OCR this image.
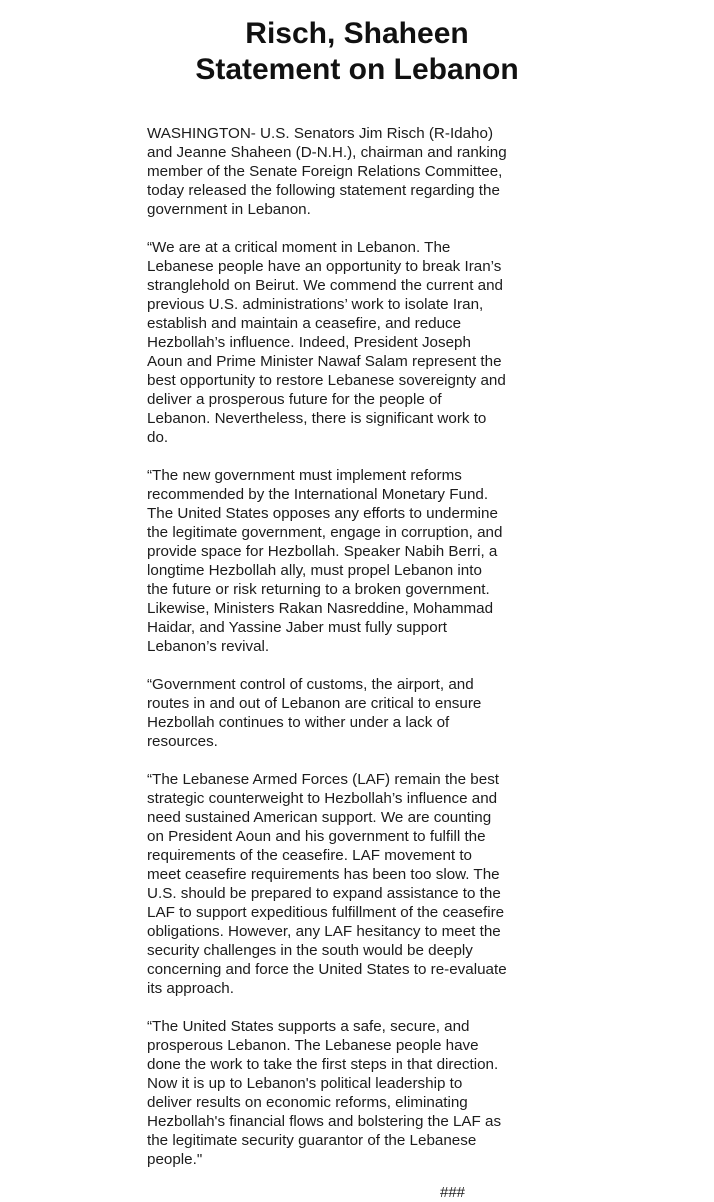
Risch, Shaheen
Statement on Lebanon

WASHINGTON- U.S. Senators Jim Risch (R-Idaho) and Jeanne Shaheen (D-N.H.), chairman and ranking member of the Senate Foreign Relations Committee, today released the following statement regarding the government in Lebanon.

“We are at a critical moment in Lebanon. The Lebanese people have an opportunity to break Iran’s stranglehold on Beirut. We commend the current and previous U.S. administrations’ work to isolate Iran, establish and maintain a ceasefire, and reduce Hezbollah’s influence. Indeed, President Joseph Aoun and Prime Minister Nawaf Salam represent the best opportunity to restore Lebanese sovereignty and deliver a prosperous future for the people of Lebanon. Nevertheless, there is significant work to do.

“The new government must implement reforms recommended by the International Monetary Fund. The United States opposes any efforts to undermine the legitimate government, engage in corruption, and provide space for Hezbollah. Speaker Nabih Berri, a longtime Hezbollah ally, must propel Lebanon into the future or risk returning to a broken government. Likewise, Ministers Rakan Nasreddine, Mohammad Haidar, and Yassine Jaber must fully support Lebanon’s revival.

“Government control of customs, the airport, and routes in and out of Lebanon are critical to ensure Hezbollah continues to wither under a lack of resources.

“The Lebanese Armed Forces (LAF) remain the best strategic counterweight to Hezbollah’s influence and need sustained American support. We are counting on President Aoun and his government to fulfill the requirements of the ceasefire. LAF movement to meet ceasefire requirements has been too slow. The U.S. should be prepared to expand assistance to the LAF to support expeditious fulfillment of the ceasefire obligations. However, any LAF hesitancy to meet the security challenges in the south would be deeply concerning and force the United States to re-evaluate its approach.

“The United States supports a safe, secure, and prosperous Lebanon. The Lebanese people have done the work to take the first steps in that direction. Now it is up to Lebanon's political leadership to deliver results on economic reforms, eliminating Hezbollah's financial flows and bolstering the LAF as the legitimate security guarantor of the Lebanese people."

###
